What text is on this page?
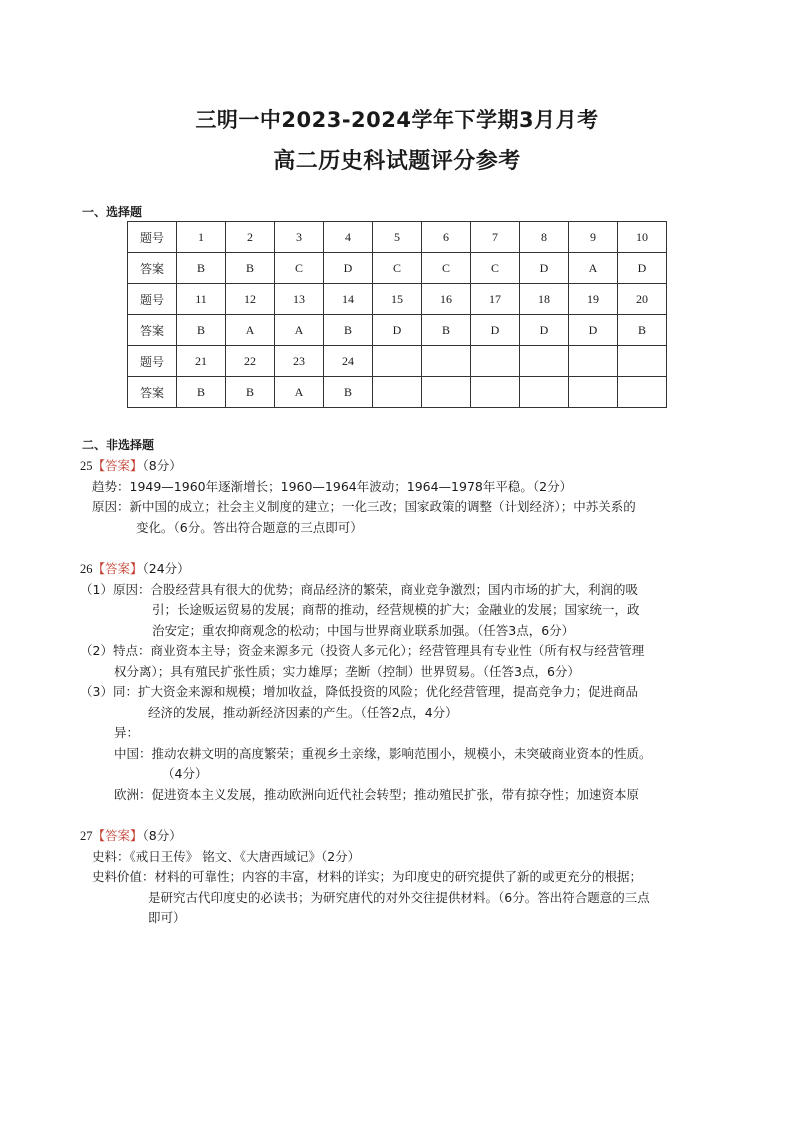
三明一中2023-2024学年下学期3月月考
高二历史科试题评分参考
一、选择题
题号	1	2	3	4	5	6	7	8	9	10
答案	B	B	C	D	C	C	C	D	A	D
题号	11	12	13	14	15	16	17	18	19	20
答案	B	A	A	B	D	B	D	D	D	B
题号	21	22	23	24						
答案	B	B	A	B						
二、非选择题

25【答案】（8分）

趋势：1949—1960年逐渐增长；1960—1964年波动；1964—1978年平稳。（2分）

原因：新中国的成立；社会主义制度的建立；一化三改；国家政策的调整（计划经济）；中苏关系的

变化。（6分。答出符合题意的三点即可）

26【答案】（24分）

（1）原因：合股经营具有很大的优势；商品经济的繁荣，商业竞争激烈；国内市场的扩大，利润的吸

引；长途贩运贸易的发展；商帮的推动，经营规模的扩大；金融业的发展；国家统一，政

治安定；重农抑商观念的松动；中国与世界商业联系加强。（任答3点，6分）

（2）特点：商业资本主导；资金来源多元（投资人多元化）；经营管理具有专业性（所有权与经营管理

权分离）；具有殖民扩张性质；实力雄厚；垄断（控制）世界贸易。（任答3点，6分）

（3）同：扩大资金来源和规模；增加收益，降低投资的风险；优化经营管理，提高竞争力；促进商品

经济的发展，推动新经济因素的产生。（任答2点，4分）

异：

中国：推动农耕文明的高度繁荣；重视乡土亲缘，影响范围小，规模小，未突破商业资本的性质。

（4分）

欧洲：促进资本主义发展，推动欧洲向近代社会转型；推动殖民扩张，带有掠夺性；加速资本原

27【答案】（8分）

史料：《戒日王传》 铭文、《大唐西域记》（2分）

史料价值：材料的可靠性；内容的丰富，材料的详实；为印度史的研究提供了新的或更充分的根据；

是研究古代印度史的必读书；为研究唐代的对外交往提供材料。（6分。答出符合题意的三点

即可）
